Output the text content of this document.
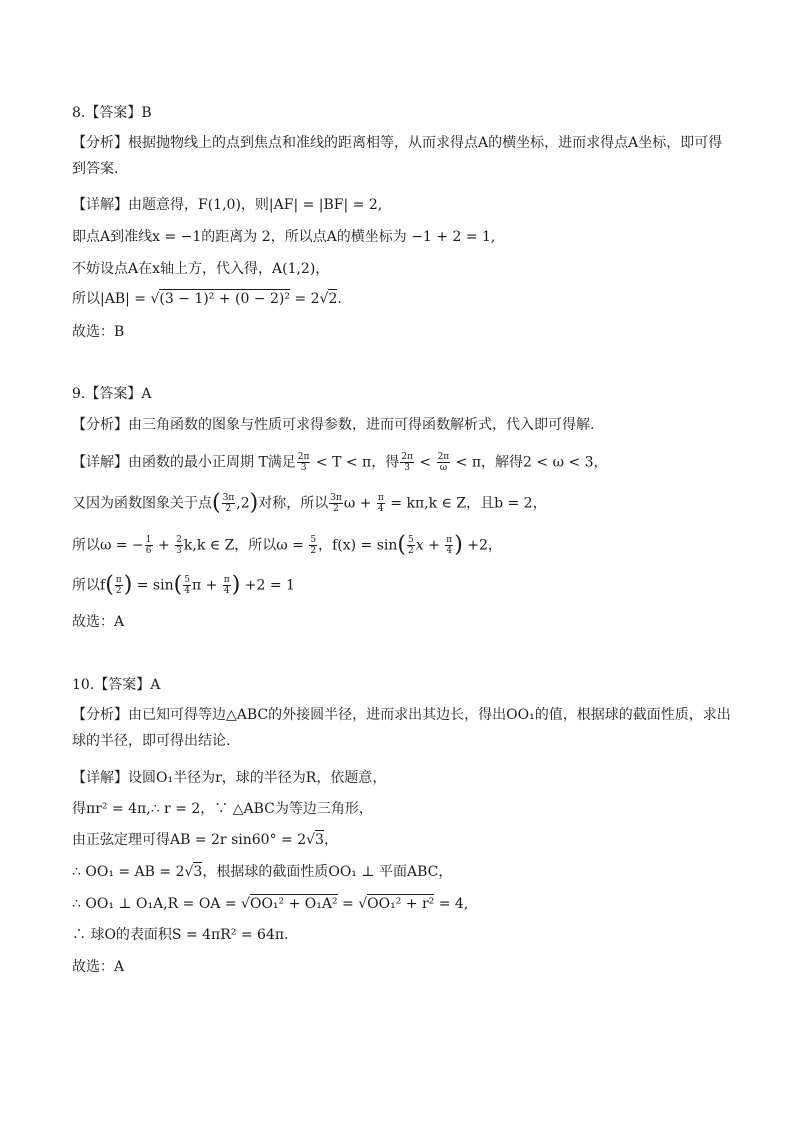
8.【答案】B
【分析】根据抛物线上的点到焦点和准线的距离相等，从而求得点A的横坐标，进而求得点A坐标，即可得到答案.
【详解】由题意得，F(1,0)，则|AF| = |BF| = 2,
即点A到准线x = −1的距离为 2，所以点A的横坐标为 −1 + 2 = 1,
不妨设点A在x轴上方，代入得，A(1,2)，
所以|AB| = √(3 − 1)² + (0 − 2)² = 2√2.
故选：B
9.【答案】A
【分析】由三角函数的图象与性质可求得参数，进而可得函数解析式，代入即可得解.
【详解】由函数的最小正周期 T满足 $\frac{2\pi}{3} < T < \pi$，得 $\frac{2\pi}{3} < \frac{2\pi}{\omega} < \pi$，解得2 < ω < 3，
又因为函数图象关于点( $\frac{3\pi}{2} ,2$)对称，所以 $\frac{3\pi}{2}$ $\omega + \frac{\pi}{4} = k\pi,k$ ∈ Z，且b = 2，
所以ω = − $\frac{1}{6} + \frac{2}{3} k,k$ ∈ Z，所以$\omega = \frac{5}{2}$ ，$f(x) = \sin( \frac{5}{2}$ $x + \frac{\pi}{4}$ ) +2，
所以$f( \frac{\pi}{2}$ ) = $\sin( \frac{5}{4}$ $\pi + \frac{\pi}{4}$ ) +2 = 1
故选：A
10.【答案】A
【分析】由已知可得等边△ABC的外接圆半径，进而求出其边长，得出OO₁的值，根据球的截面性质，求出球的半径，即可得出结论.
【详解】设圆O₁半径为r，球的半径为R，依题意，
得πr² = 4π,∴ r = 2，∵ △ABC为等边三角形，
由正弦定理可得AB = 2r sin60° = 2√3，
∴ OO₁ = AB = 2√3，根据球的截面性质OO₁ ⊥ 平面ABC，
∴ OO₁ ⊥ O₁A,R = OA = √OO₁² + O₁A² = √OO₁² + r² = 4,
∴ 球O的表面积S = 4πR² = 64π.
故选：A
